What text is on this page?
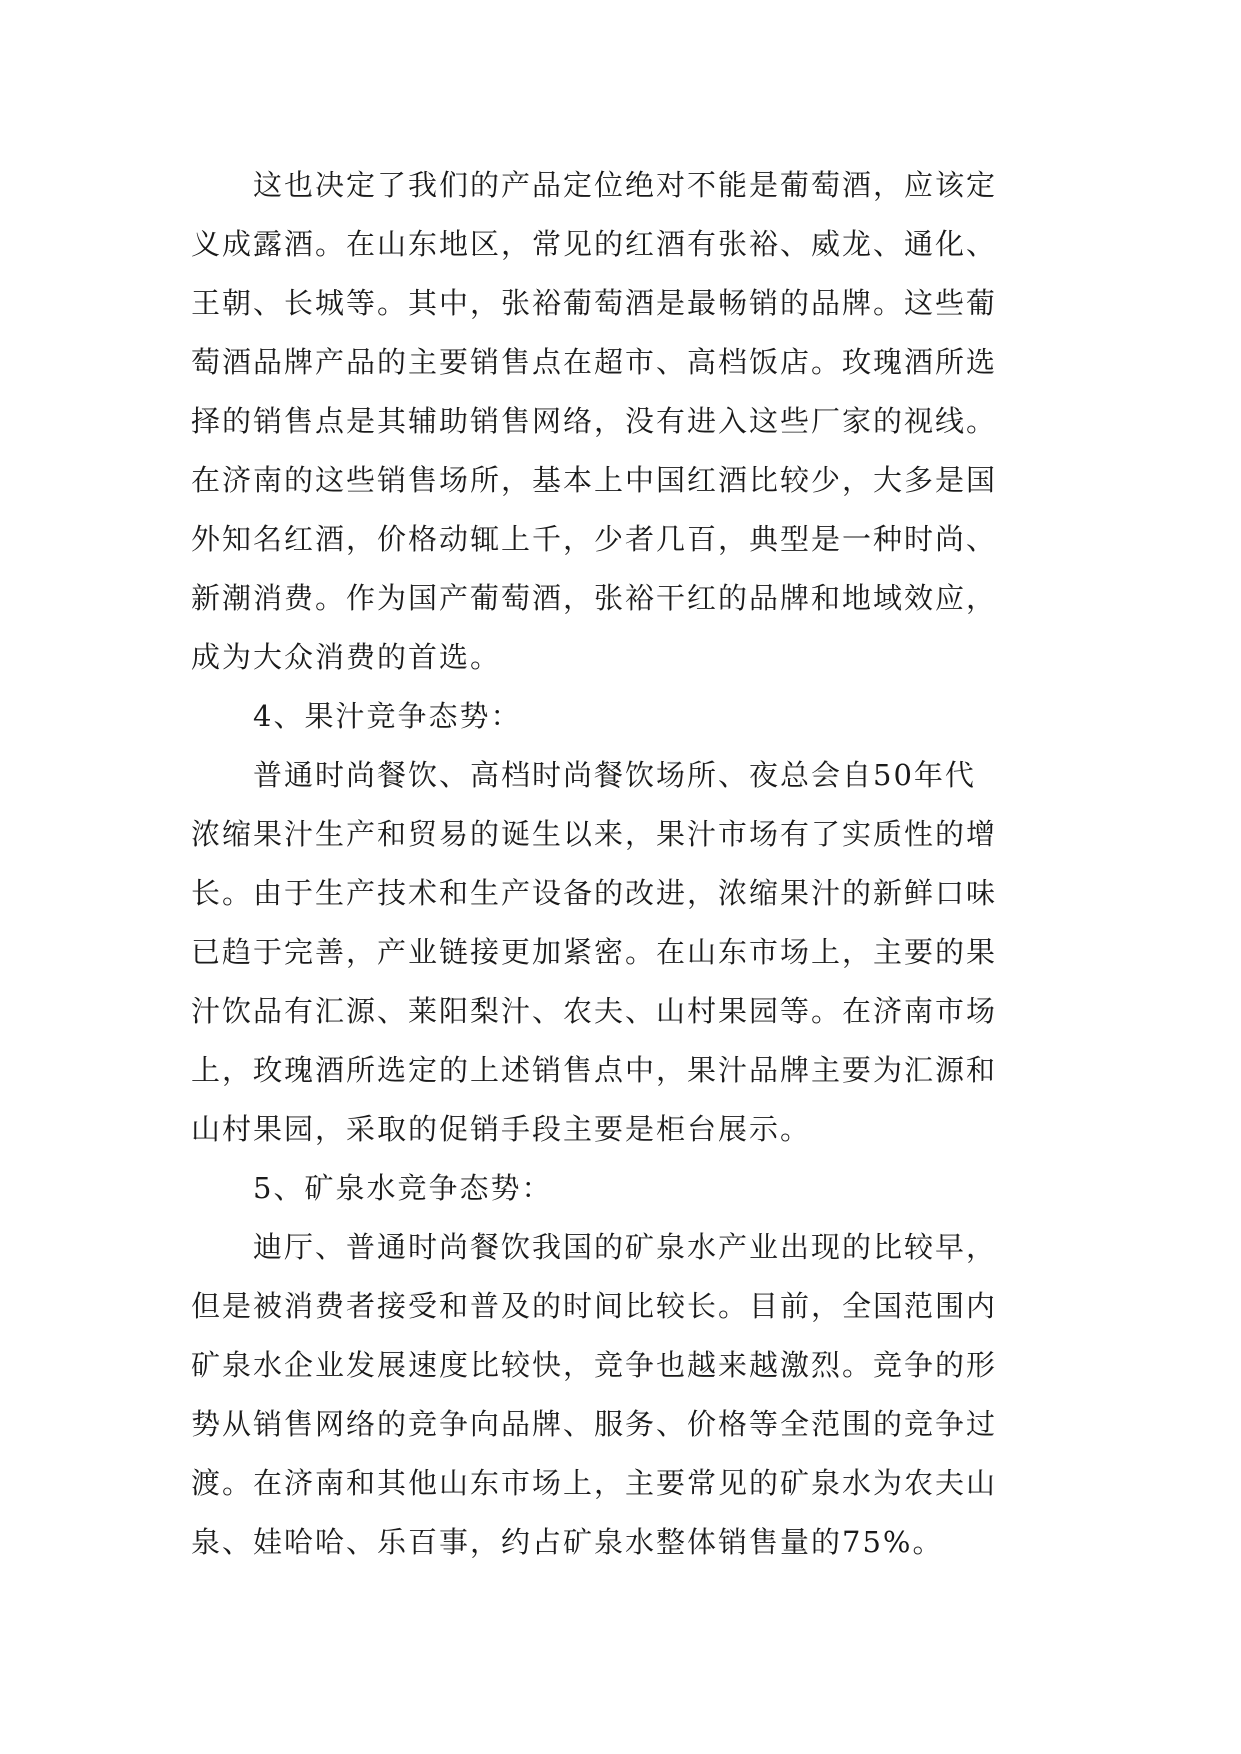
　　这也决定了我们的产品定位绝对不能是葡萄酒，应该定
义成露酒。在山东地区，常见的红酒有张裕、威龙、通化、
王朝、长城等。其中，张裕葡萄酒是最畅销的品牌。这些葡
萄酒品牌产品的主要销售点在超市、高档饭店。玫瑰酒所选
择的销售点是其辅助销售网络，没有进入这些厂家的视线。
在济南的这些销售场所，基本上中国红酒比较少，大多是国
外知名红酒，价格动辄上千，少者几百，典型是一种时尚、
新潮消费。作为国产葡萄酒，张裕干红的品牌和地域效应，
成为大众消费的首选。
　　4、果汁竞争态势：
　　普通时尚餐饮、高档时尚餐饮场所、夜总会自50年代
浓缩果汁生产和贸易的诞生以来，果汁市场有了实质性的增
长。由于生产技术和生产设备的改进，浓缩果汁的新鲜口味
已趋于完善，产业链接更加紧密。在山东市场上，主要的果
汁饮品有汇源、莱阳梨汁、农夫、山村果园等。在济南市场
上，玫瑰酒所选定的上述销售点中，果汁品牌主要为汇源和
山村果园，采取的促销手段主要是柜台展示。
　　5、矿泉水竞争态势：
　　迪厅、普通时尚餐饮我国的矿泉水产业出现的比较早，
但是被消费者接受和普及的时间比较长。目前，全国范围内
矿泉水企业发展速度比较快，竞争也越来越激烈。竞争的形
势从销售网络的竞争向品牌、服务、价格等全范围的竞争过
渡。在济南和其他山东市场上，主要常见的矿泉水为农夫山
泉、娃哈哈、乐百事，约占矿泉水整体销售量的75%。
